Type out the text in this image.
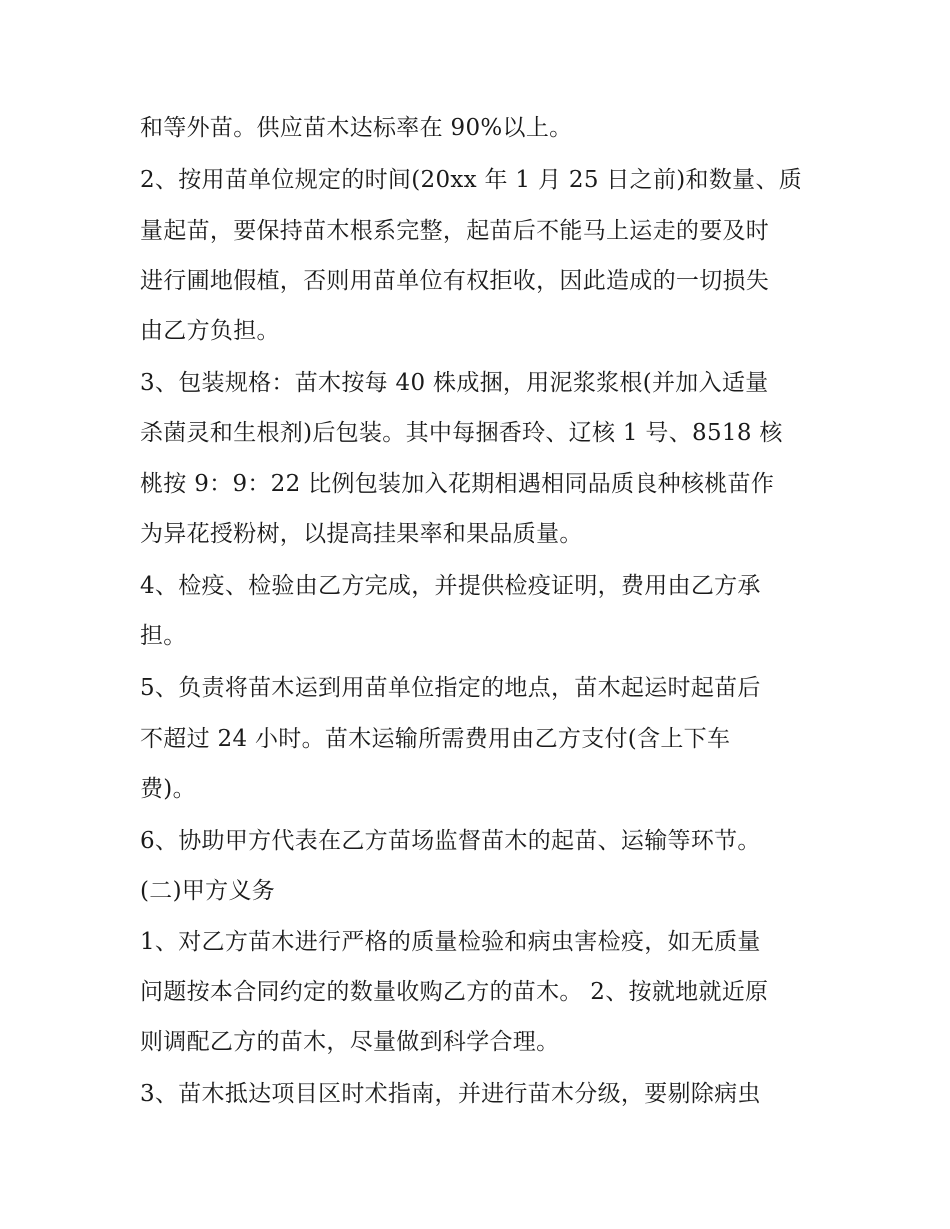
和等外苗。供应苗木达标率在 90%以上。
2、按用苗单位规定的时间(20xx 年 1 月 25 日之前)和数量、质
量起苗，要保持苗木根系完整，起苗后不能马上运走的要及时
进行圃地假植，否则用苗单位有权拒收，因此造成的一切损失
由乙方负担。
3、包装规格：苗木按每 40 株成捆，用泥浆浆根(并加入适量
杀菌灵和生根剂)后包装。其中每捆香玲、辽核 1 号、8518 核
桃按 9：9：22 比例包装加入花期相遇相同品质良种核桃苗作
为异花授粉树，以提高挂果率和果品质量。
4、检疫、检验由乙方完成，并提供检疫证明，费用由乙方承
担。
5、负责将苗木运到用苗单位指定的地点，苗木起运时起苗后
不超过 24 小时。苗木运输所需费用由乙方支付(含上下车
费)。
6、协助甲方代表在乙方苗场监督苗木的起苗、运输等环节。
(二)甲方义务
1、对乙方苗木进行严格的质量检验和病虫害检疫，如无质量
问题按本合同约定的数量收购乙方的苗木。 2、按就地就近原
则调配乙方的苗木，尽量做到科学合理。
3、苗木抵达项目区时术指南，并进行苗木分级，要剔除病虫
